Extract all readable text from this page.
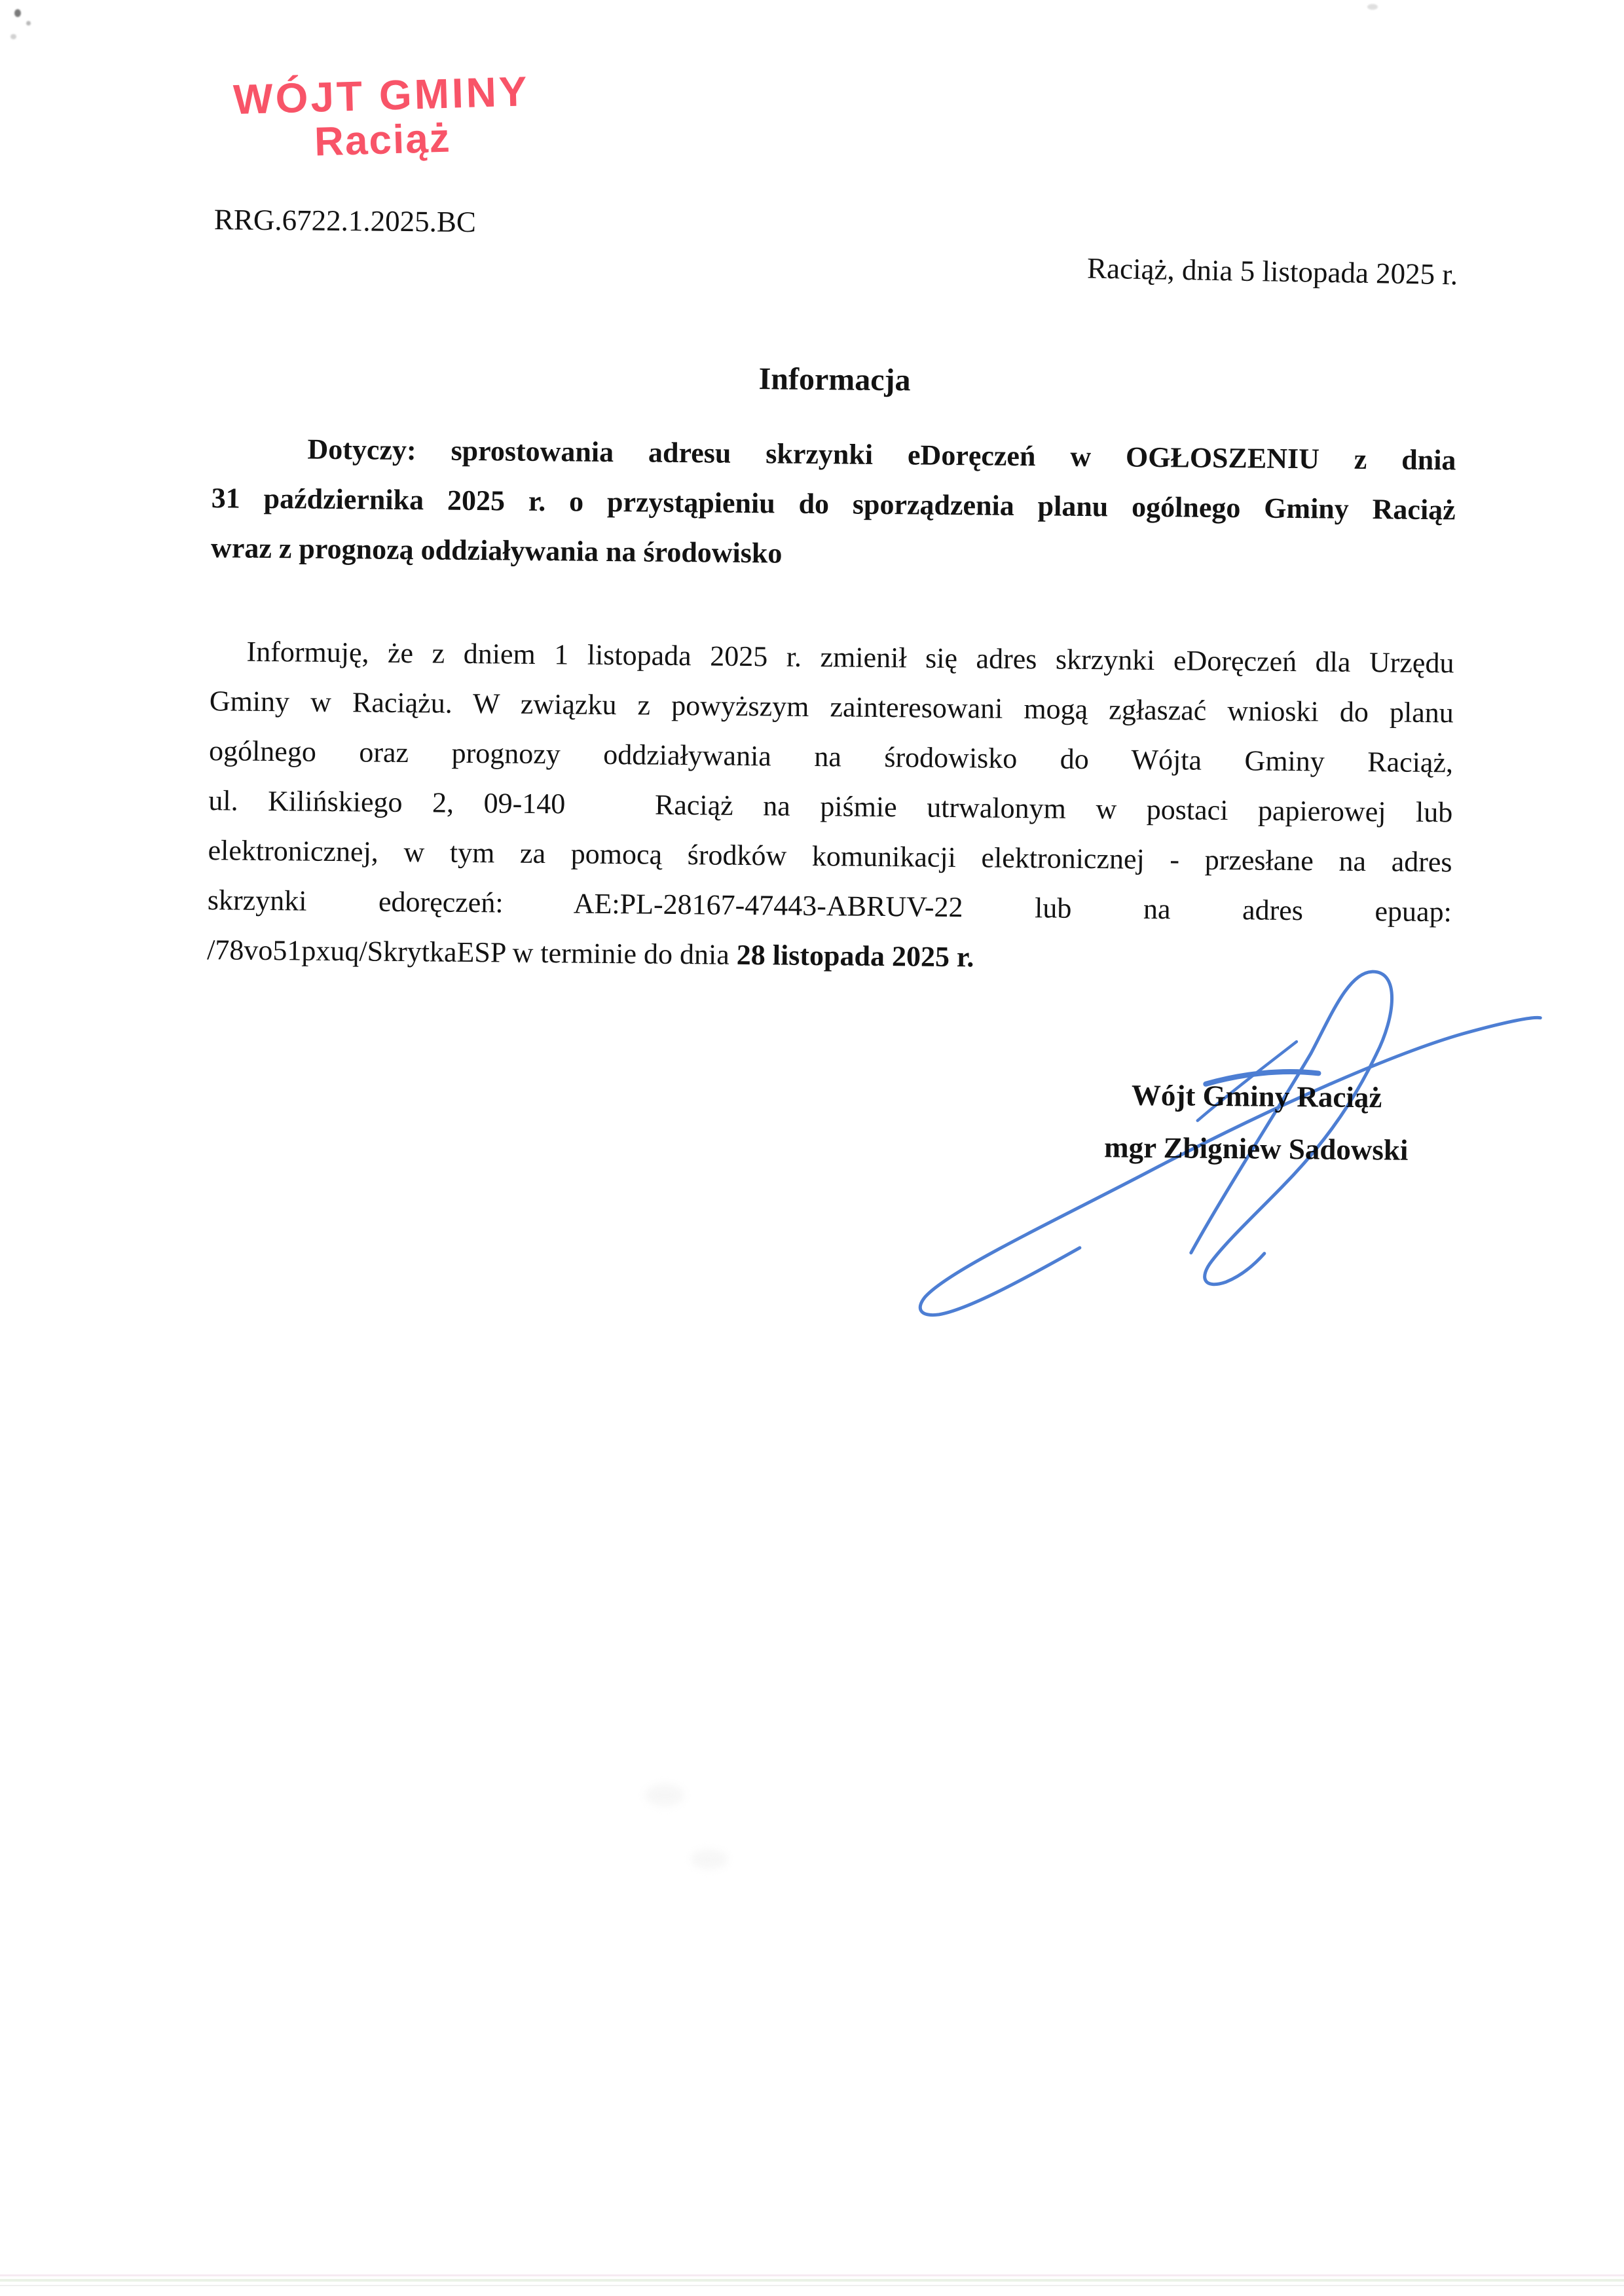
WÓJT GMINY
Raciąż
RRG.6722.1.2025.BC
Raciąż, dnia 5 listopada 2025 r.
Informacja
Dotyczy: sprostowania adresu skrzynki eDoręczeń w OGŁOSZENIU z dnia
31 października 2025 r. o przystąpieniu do sporządzenia planu ogólnego Gminy Raciąż
wraz z prognozą oddziaływania na środowisko
Informuję, że z dniem 1 listopada 2025 r. zmienił się adres skrzynki eDoręczeń dla Urzędu
Gminy w Raciążu. W związku z powyższym zainteresowani mogą zgłaszać wnioski do planu
ogólnego oraz prognozy oddziaływania na środowisko do Wójta Gminy Raciąż,
ul. Kilińskiego 2, 09-140   Raciąż na piśmie utrwalonym w postaci papierowej lub
elektronicznej, w tym za pomocą środków komunikacji elektronicznej - przesłane na adres
skrzynki edoręczeń: AE:PL-28167-47443-ABRUV-22 lub na adres epuap:
/78vo51pxuq/SkrytkaESP w terminie do dnia 28 listopada 2025 r.
Wójt Gminy Raciąż
mgr Zbigniew Sadowski
